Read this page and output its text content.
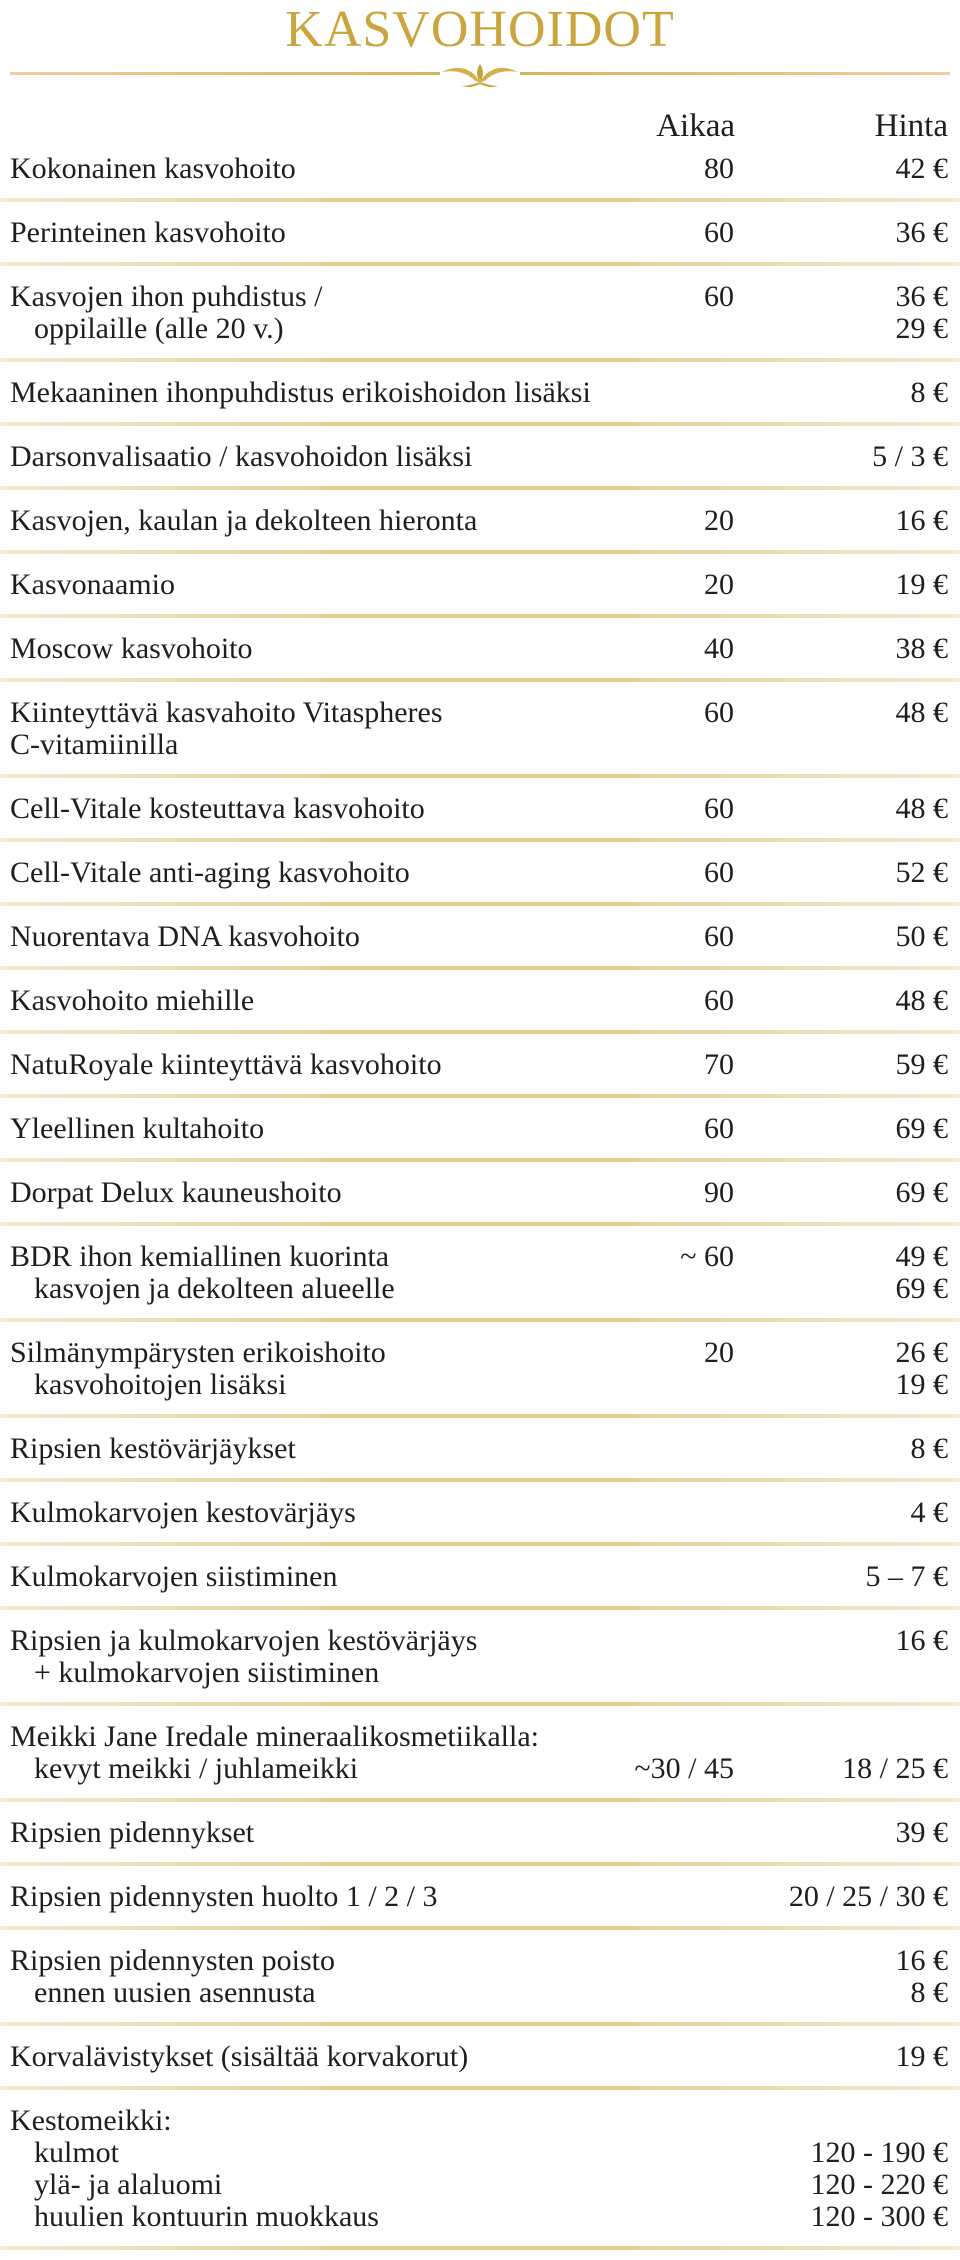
KASVOHOIDOT
Aikaa	Hinta
Kokonainen kasvohoito	80	42 €
Perinteinen kasvohoito	60	36 €
Kasvojen ihon puhdistus /	60	36 €
oppilaille (alle 20 v.)	29 €
Mekaaninen ihonpuhdistus erikoishoidon lisäksi	8 €
Darsonvalisaatio / kasvohoidon lisäksi	5 / 3 €
Kasvojen, kaulan ja dekolteen hieronta	20	16 €
Kasvonaamio	20	19 €
Moscow kasvohoito	40	38 €
Kiinteyttävä kasvahoito Vitaspheres	60	48 €
C-vitamiinilla
Cell-Vitale kosteuttava kasvohoito	60	48 €
Cell-Vitale anti-aging kasvohoito	60	52 €
Nuorentava DNA kasvohoito	60	50 €
Kasvohoito miehille	60	48 €
NatuRoyale kiinteyttävä kasvohoito	70	59 €
Yleellinen kultahoito	60	69 €
Dorpat Delux kauneushoito	90	69 €
BDR ihon kemiallinen kuorinta	~ 60	49 €
kasvojen ja dekolteen alueelle	69 €
Silmänympärysten erikoishoito	20	26 €
kasvohoitojen lisäksi	19 €
Ripsien kestövärjäykset	8 €
Kulmokarvojen kestovärjäys	4 €
Kulmokarvojen siistiminen	5 – 7 €
Ripsien ja kulmokarvojen kestövärjäys	16 €
+ kulmokarvojen siistiminen
Meikki Jane Iredale mineraalikosmetiikalla:
kevyt meikki / juhlameikki	~30 / 45	18 / 25 €
Ripsien pidennykset	39 €
Ripsien pidennysten huolto 1 / 2 / 3	20 / 25 / 30 €
Ripsien pidennysten poisto	16 €
ennen uusien asennusta	8 €
Korvalävistykset (sisältää korvakorut)	19 €
Kestomeikki:
kulmot	120 - 190 €
ylä- ja alaluomi	120 - 220 €
huulien kontuurin muokkaus	120 - 300 €
